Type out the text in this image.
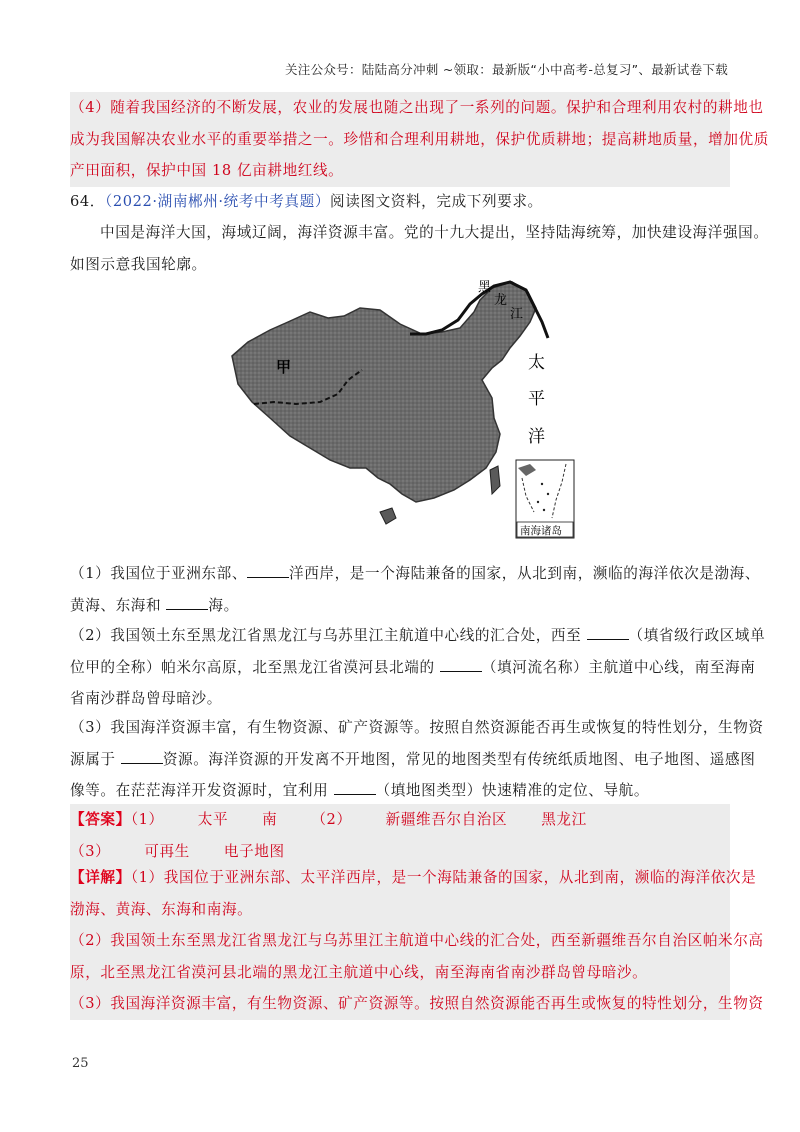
关注公众号：陆陆高分冲刺 ~领取：最新版“小中高考-总复习”、最新试卷下载
（4）随着我国经济的不断发展，农业的发展也随之出现了一系列的问题。保护和合理利用农村的耕地也
成为我国解决农业水平的重要举措之一。珍惜和合理利用耕地，保护优质耕地；提高耕地质量，增加优质
产田面积，保护中国 18 亿亩耕地红线。
64．（2022·湖南郴州·统考中考真题）阅读图文资料，完成下列要求。
中国是海洋大国，海域辽阔，海洋资源丰富。党的十九大提出，坚持陆海统筹，加快建设海洋强国。
如图示意我国轮廓。
甲
黑
龙
江
太
平
洋
南海诸岛
（1）我国位于亚洲东部、	洋西岸，是一个海陆兼备的国家，从北到南，濒临的海洋依次是渤海、
黄海、东海和	海。
（2）我国领土东至黑龙江省黑龙江与乌苏里江主航道中心线的汇合处，西至	（填省级行政区域单
位甲的全称）帕米尔高原，北至黑龙江省漠河县北端的	（填河流名称）主航道中心线，南至海南
省南沙群岛曾母暗沙。
（3）我国海洋资源丰富，有生物资源、矿产资源等。按照自然资源能否再生或恢复的特性划分，生物资
源属于	资源。海洋资源的开发离不开地图，常见的地图类型有传统纸质地图、电子地图、遥感图
像等。在茫茫海洋开发资源时，宜利用	（填地图类型）快速精准的定位、导航。
【答案】（1） 太平 南 （2） 新疆维吾尔自治区 黑龙江
（3） 可再生 电子地图
【详解】（1）我国位于亚洲东部、太平洋西岸，是一个海陆兼备的国家，从北到南，濒临的海洋依次是
渤海、黄海、东海和南海。
（2）我国领土东至黑龙江省黑龙江与乌苏里江主航道中心线的汇合处，西至新疆维吾尔自治区帕米尔高
原，北至黑龙江省漠河县北端的黑龙江主航道中心线，南至海南省南沙群岛曾母暗沙。
（3）我国海洋资源丰富，有生物资源、矿产资源等。按照自然资源能否再生或恢复的特性划分，生物资
25
